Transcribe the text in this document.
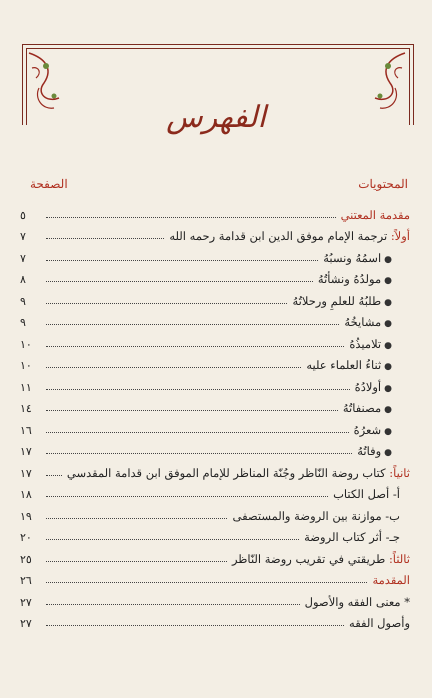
الفهرس
المحتويات
الصفحة
مقدمة المعتني
٥
أولاً: ترجمة الإمام موفق الدين ابن قدامة رحمه الله
٧
●اسمُهُ ونسبُهُ
٧
●مولدُهُ ونشأتُهُ
٨
●طلبُهُ للعلمِ ورحلاتُهُ
٩
●مشايخُهُ
٩
●تلاميذُهُ
١٠
●ثناءُ العلماء عليه
١٠
●أولادُهُ
١١
●مصنفاتُهُ
١٤
●شعرُهُ
١٦
●وفاتُهُ
١٧
ثانياً: كتاب روضة النّاظر وجُنّة المناظر للإمام الموفق ابن قدامة المقدسي
١٧
أ- أصل الكتاب
١٨
ب- موازنة بين الروضة والمستصفى
١٩
جـ- أثر كتاب الروضة
٢٠
ثالثاً: طريقتي في تقريب روضة النّاظر
٢٥
المقدمة
٢٦
* معنى الفقه والأصول
٢٧
وأصول الفقه
٢٧
